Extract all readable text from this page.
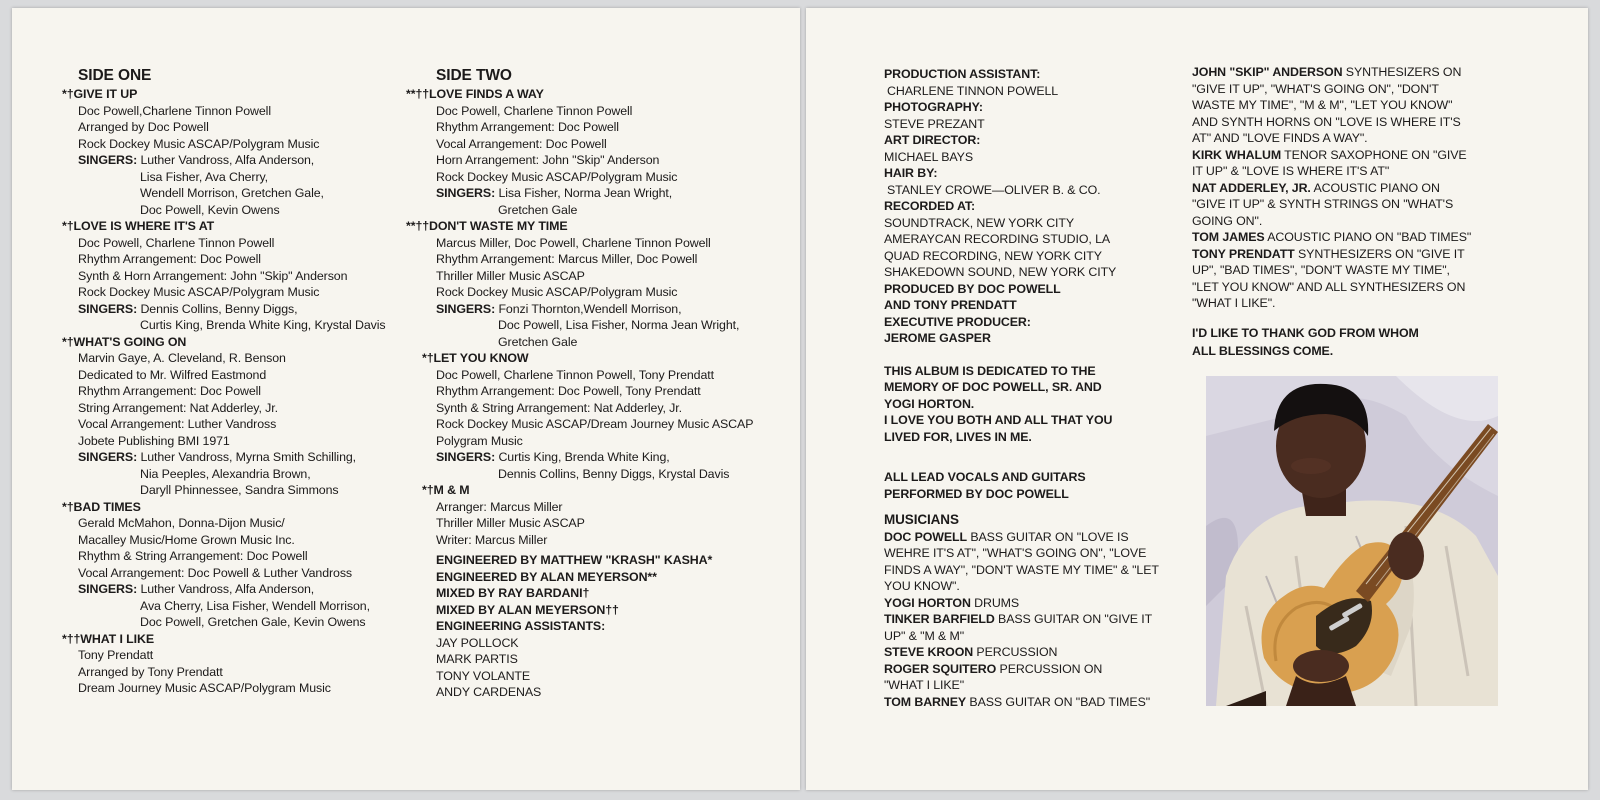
SIDE ONE
*†GIVE IT UP
Doc Powell,Charlene Tinnon Powell
Arranged by Doc Powell
Rock Dockey Music ASCAP/Polygram Music
SINGERS: Luther Vandross, Alfa Anderson,
Lisa Fisher, Ava Cherry,
Wendell Morrison, Gretchen Gale,
Doc Powell, Kevin Owens
*†LOVE IS WHERE IT'S AT
Doc Powell, Charlene Tinnon Powell
Rhythm Arrangement: Doc Powell
Synth & Horn Arrangement: John "Skip" Anderson
Rock Dockey Music ASCAP/Polygram Music
SINGERS: Dennis Collins, Benny Diggs,
Curtis King, Brenda White King, Krystal Davis
*†WHAT'S GOING ON
Marvin Gaye, A. Cleveland, R. Benson
Dedicated to Mr. Wilfred Eastmond
Rhythm Arrangement: Doc Powell
String Arrangement: Nat Adderley, Jr.
Vocal Arrangement: Luther Vandross
Jobete Publishing BMI 1971
SINGERS: Luther Vandross, Myrna Smith Schilling,
Nia Peeples, Alexandria Brown,
Daryll Phinnessee, Sandra Simmons
*†BAD TIMES
Gerald McMahon, Donna-Dijon Music/
Macalley Music/Home Grown Music Inc.
Rhythm & String Arrangement: Doc Powell
Vocal Arrangement: Doc Powell & Luther Vandross
SINGERS: Luther Vandross, Alfa Anderson,
Ava Cherry, Lisa Fisher, Wendell Morrison,
Doc Powell, Gretchen Gale, Kevin Owens
*††WHAT I LIKE
Tony Prendatt
Arranged by Tony Prendatt
Dream Journey Music ASCAP/Polygram Music
SIDE TWO
**††LOVE FINDS A WAY
Doc Powell, Charlene Tinnon Powell
Rhythm Arrangement: Doc Powell
Vocal Arrangement: Doc Powell
Horn Arrangement: John "Skip" Anderson
Rock Dockey Music ASCAP/Polygram Music
SINGERS: Lisa Fisher, Norma Jean Wright,
Gretchen Gale
**††DON'T WASTE MY TIME
Marcus Miller, Doc Powell, Charlene Tinnon Powell
Rhythm Arrangement: Marcus Miller, Doc Powell
Thriller Miller Music ASCAP
Rock Dockey Music ASCAP/Polygram Music
SINGERS: Fonzi Thornton,Wendell Morrison,
Doc Powell, Lisa Fisher, Norma Jean Wright,
Gretchen Gale
*†LET YOU KNOW
Doc Powell, Charlene Tinnon Powell, Tony Prendatt
Rhythm Arrangement: Doc Powell, Tony Prendatt
Synth & String Arrangement: Nat Adderley, Jr.
Rock Dockey Music ASCAP/Dream Journey Music ASCAP
Polygram Music
SINGERS: Curtis King, Brenda White King,
Dennis Collins, Benny Diggs, Krystal Davis
*†M & M
Arranger: Marcus Miller
Thriller Miller Music ASCAP
Writer: Marcus Miller
ENGINEERED BY MATTHEW "KRASH" KASHA*
ENGINEERED BY ALAN MEYERSON**
MIXED BY RAY BARDANI†
MIXED BY ALAN MEYERSON††
ENGINEERING ASSISTANTS:
JAY POLLOCK
MARK PARTIS
TONY VOLANTE
ANDY CARDENAS
PRODUCTION ASSISTANT:
CHARLENE TINNON POWELL
PHOTOGRAPHY:
STEVE PREZANT
ART DIRECTOR:
MICHAEL BAYS
HAIR BY:
STANLEY CROWE—OLIVER B. & CO.
RECORDED AT:
SOUNDTRACK, NEW YORK CITY
AMERAYCAN RECORDING STUDIO, LA
QUAD RECORDING, NEW YORK CITY
SHAKEDOWN SOUND, NEW YORK CITY
PRODUCED BY DOC POWELL
AND TONY PRENDATT
EXECUTIVE PRODUCER:
JEROME GASPER
THIS ALBUM IS DEDICATED TO THE
MEMORY OF DOC POWELL, SR. AND
YOGI HORTON.
I LOVE YOU BOTH AND ALL THAT YOU
LIVED FOR, LIVES IN ME.
ALL LEAD VOCALS AND GUITARS
PERFORMED BY DOC POWELL
MUSICIANS
DOC POWELL BASS GUITAR ON "LOVE IS
WEHRE IT'S AT", "WHAT'S GOING ON", "LOVE
FINDS A WAY", "DON'T WASTE MY TIME" & "LET
YOU KNOW".
YOGI HORTON DRUMS
TINKER BARFIELD BASS GUITAR ON "GIVE IT
UP" & "M & M"
STEVE KROON PERCUSSION
ROGER SQUITERO PERCUSSION ON
"WHAT I LIKE"
TOM BARNEY BASS GUITAR ON "BAD TIMES"
JOHN "SKIP" ANDERSON SYNTHESIZERS ON
"GIVE IT UP", "WHAT'S GOING ON", "DON'T
WASTE MY TIME", "M & M", "LET YOU KNOW"
AND SYNTH HORNS ON "LOVE IS WHERE IT'S
AT" AND "LOVE FINDS A WAY".
KIRK WHALUM TENOR SAXOPHONE ON "GIVE
IT UP" & "LOVE IS WHERE IT'S AT"
NAT ADDERLEY, JR. ACOUSTIC PIANO ON
"GIVE IT UP" & SYNTH STRINGS ON "WHAT'S
GOING ON".
TOM JAMES ACOUSTIC PIANO ON "BAD TIMES"
TONY PRENDATT SYNTHESIZERS ON "GIVE IT
UP", "BAD TIMES", "DON'T WASTE MY TIME",
"LET YOU KNOW" AND ALL SYNTHESIZERS ON
"WHAT I LIKE".
I'D LIKE TO THANK GOD FROM WHOM
ALL BLESSINGS COME.
